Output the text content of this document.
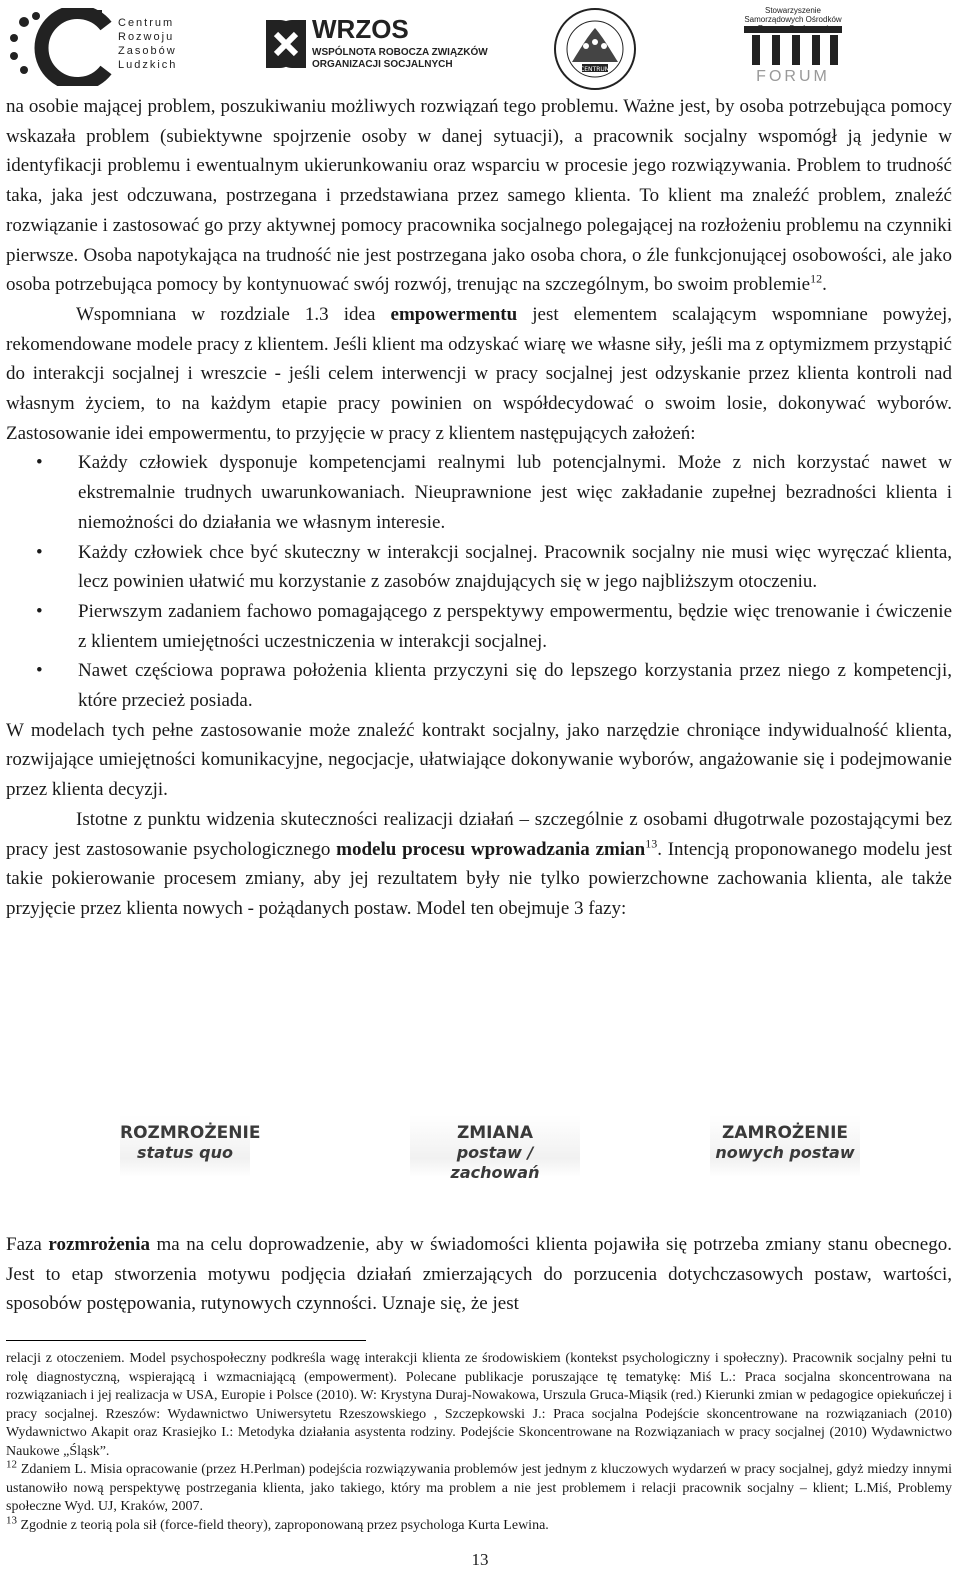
Centrum
Rozwoju
Zasobów
Ludzkich
WRZOS
WSPÓLNOTA ROBOCZA ZWIĄZKÓW ORGANIZACJI SOCJALNYCH	CENTRUM
Stowarzyszenie Samorządowych Ośrodków
FORUM

na osobie mającej problem, poszukiwaniu możliwych rozwiązań tego problemu. Ważne jest, by osoba potrzebująca pomocy wskazała problem (subiektywne spojrzenie osoby w danej sytuacji), a pracownik socjalny wspomógł ją jedynie w identyfikacji problemu i ewentualnym ukierunkowaniu oraz wsparciu w procesie jego rozwiązywania. Problem to trudność taka, jaka jest odczuwana, postrzegana i przedstawiana przez samego klienta. To klient ma znaleźć problem, znaleźć rozwiązanie i zastosować go przy aktywnej pomocy pracownika socjalnego polegającej na rozłożeniu problemu na czynniki pierwsze. Osoba napotykająca na trudność nie jest postrzegana jako osoba chora, o źle funkcjonującej osobowości, ale jako osoba potrzebująca pomocy by kontynuować swój rozwój, trenując na szczególnym, bo swoim problemie$^{12}$.

Wspomniana w rozdziale 1.3 idea empowermentu jest elementem scalającym wspomniane powyżej, rekomendowane modele pracy z klientem. Jeśli klient ma odzyskać wiarę we własne siły, jeśli ma z optymizmem przystąpić do interakcji socjalnej i wreszcie - jeśli celem interwencji w pracy socjalnej jest odzyskanie przez klienta kontroli nad własnym życiem, to na każdym etapie pracy powinien on współdecydować o swoim losie, dokonywać wyborów. Zastosowanie idei empowermentu, to przyjęcie w pracy z klientem następujących założeń:

• Każdy człowiek dysponuje kompetencjami realnymi lub potencjalnymi. Może z nich korzystać nawet w ekstremalnie trudnych uwarunkowaniach. Nieuprawnione jest więc zakładanie zupełnej bezradności klienta i niemożności do działania we własnym interesie.
• Każdy człowiek chce być skuteczny w interakcji socjalnej. Pracownik socjalny nie musi więc wyręczać klienta, lecz powinien ułatwić mu korzystanie z zasobów znajdujących się w jego najbliższym otoczeniu.
• Pierwszym zadaniem fachowo pomagającego z perspektywy empowermentu, będzie więc trenowanie i ćwiczenie z klientem umiejętności uczestniczenia w interakcji socjalnej.
• Nawet częściowa poprawa położenia klienta przyczyni się do lepszego korzystania przez niego z kompetencji, które przecież posiada.

W modelach tych pełne zastosowanie może znaleźć kontrakt socjalny, jako narzędzie chroniące indywidualność klienta, rozwijające umiejętności komunikacyjne, negocjacje, ułatwiające dokonywanie wyborów, angażowanie się i podejmowanie przez klienta decyzji.

Istotne z punktu widzenia skuteczności realizacji działań – szczególnie z osobami długotrwale pozostającymi bez pracy jest zastosowanie psychologicznego modelu procesu wprowadzania zmian$^{13}$. Intencją proponowanego modelu jest takie pokierowanie procesem zmiany, aby jej rezultatem były nie tylko powierzchowne zachowania klienta, ale także przyjęcie przez klienta nowych - pożądanych postaw. Model ten obejmuje 3 fazy:

ROZMROŻENIE
status quo
ZMIANA
postaw / zachowań
ZAMROŻENIE
nowych postaw

Faza rozmrożenia ma na celu doprowadzenie, aby w świadomości klienta pojawiła się potrzeba zmiany stanu obecnego. Jest to etap stworzenia motywu podjęcia działań zmierzających do porzucenia dotychczasowych postaw, wartości, sposobów postępowania, rutynowych czynności. Uznaje się, że jest

relacji z otoczeniem. Model psychospołeczny podkreśla wagę interakcji klienta ze środowiskiem (kontekst psychologiczny i społeczny). Pracownik socjalny pełni tu rolę diagnostyczną, wspierającą i wzmacniającą (empowerment). Polecane publikacje poruszające tę tematykę: Miś L.: Praca socjalna skoncentrowana na rozwiązaniach i jej realizacja w USA, Europie i Polsce (2010). W: Krystyna Duraj-Nowakowa, Urszula Gruca-Miąsik (red.) Kierunki zmian w pedagogice opiekuńczej i pracy socjalnej. Rzeszów: Wydawnictwo Uniwersytetu Rzeszowskiego , Szczepkowski J.: Praca socjalna Podejście skoncentrowane na rozwiązaniach (2010) Wydawnictwo Akapit oraz Krasiejko I.: Metodyka działania asystenta rodziny. Podejście Skoncentrowane na Rozwiązaniach w pracy socjalnej (2010) Wydawnictwo Naukowe „Śląsk”.

$^{12}$ Zdaniem L. Misia opracowanie (przez H.Perlman) podejścia rozwiązywania problemów jest jednym z kluczowych wydarzeń w pracy socjalnej, gdyż miedzy innymi ustanowiło nową perspektywę postrzegania klienta, jako takiego, który ma problem a nie jest problemem i relacji pracownik socjalny – klient; L.Miś, Problemy społeczne Wyd. UJ, Kraków, 2007.

$^{13}$ Zgodnie z teorią pola sił (force-field theory), zaproponowaną przez psychologa Kurta Lewina.

13
